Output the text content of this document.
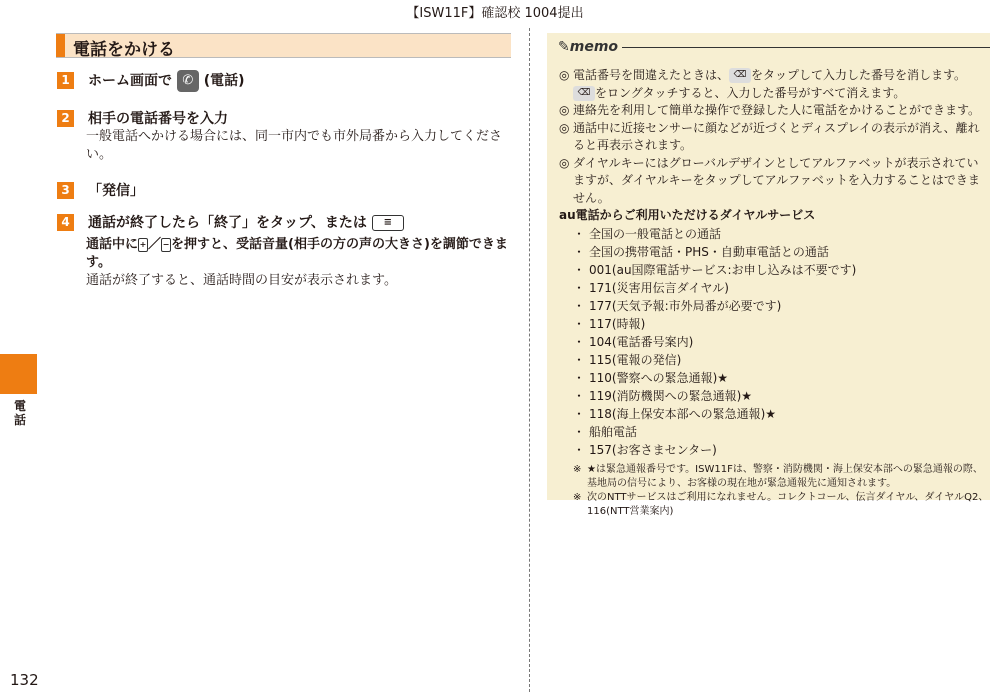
【ISW11F】確認校 1004提出
電話
132
電話をかける
1 ホーム画面で ✆ (電話)
2 相手の電話番号を入力
一般電話へかける場合には、同一市内でも市外局番から入力してください。
3 「発信」
4 通話が終了したら「終了」をタップ、または ≡
通話中に + ／ − を押すと、受話音量(相手の方の声の大きさ)を調節できます。
通話が終了すると、通話時間の目安が表示されます。
✎memo
◎ 電話番号を間違えたときは、 ⌫ をタップして入力した番号を消します。
⌫ をロングタッチすると、入力した番号がすべて消えます。
◎ 連絡先を利用して簡単な操作で登録した人に電話をかけることができます。
◎ 通話中に近接センサーに顔などが近づくとディスプレイの表示が消え、離れると再表示されます。
◎ ダイヤルキーにはグローバルデザインとしてアルファベットが表示されていますが、ダイヤルキーをタップしてアルファベットを入力することはできません。
au電話からご利用いただけるダイヤルサービス
・ 全国の一般電話との通話
・ 全国の携帯電話・PHS・自動車電話との通話
・ 001(au国際電話サービス:お申し込みは不要です)
・ 171(災害用伝言ダイヤル)
・ 177(天気予報:市外局番が必要です)
・ 117(時報)
・ 104(電話番号案内)
・ 115(電報の発信)
・ 110(警察への緊急通報)★
・ 119(消防機関への緊急通報)★
・ 118(海上保安本部への緊急通報)★
・ 船舶電話
・ 157(お客さまセンター)
※ ★は緊急通報番号です。ISW11Fは、警察・消防機関・海上保安本部への緊急通報の際、基地局の信号により、お客様の現在地が緊急通報先に通知されます。
※ 次のNTTサービスはご利用になれません。コレクトコール、伝言ダイヤル、ダイヤルQ2、116(NTT営業案内)
